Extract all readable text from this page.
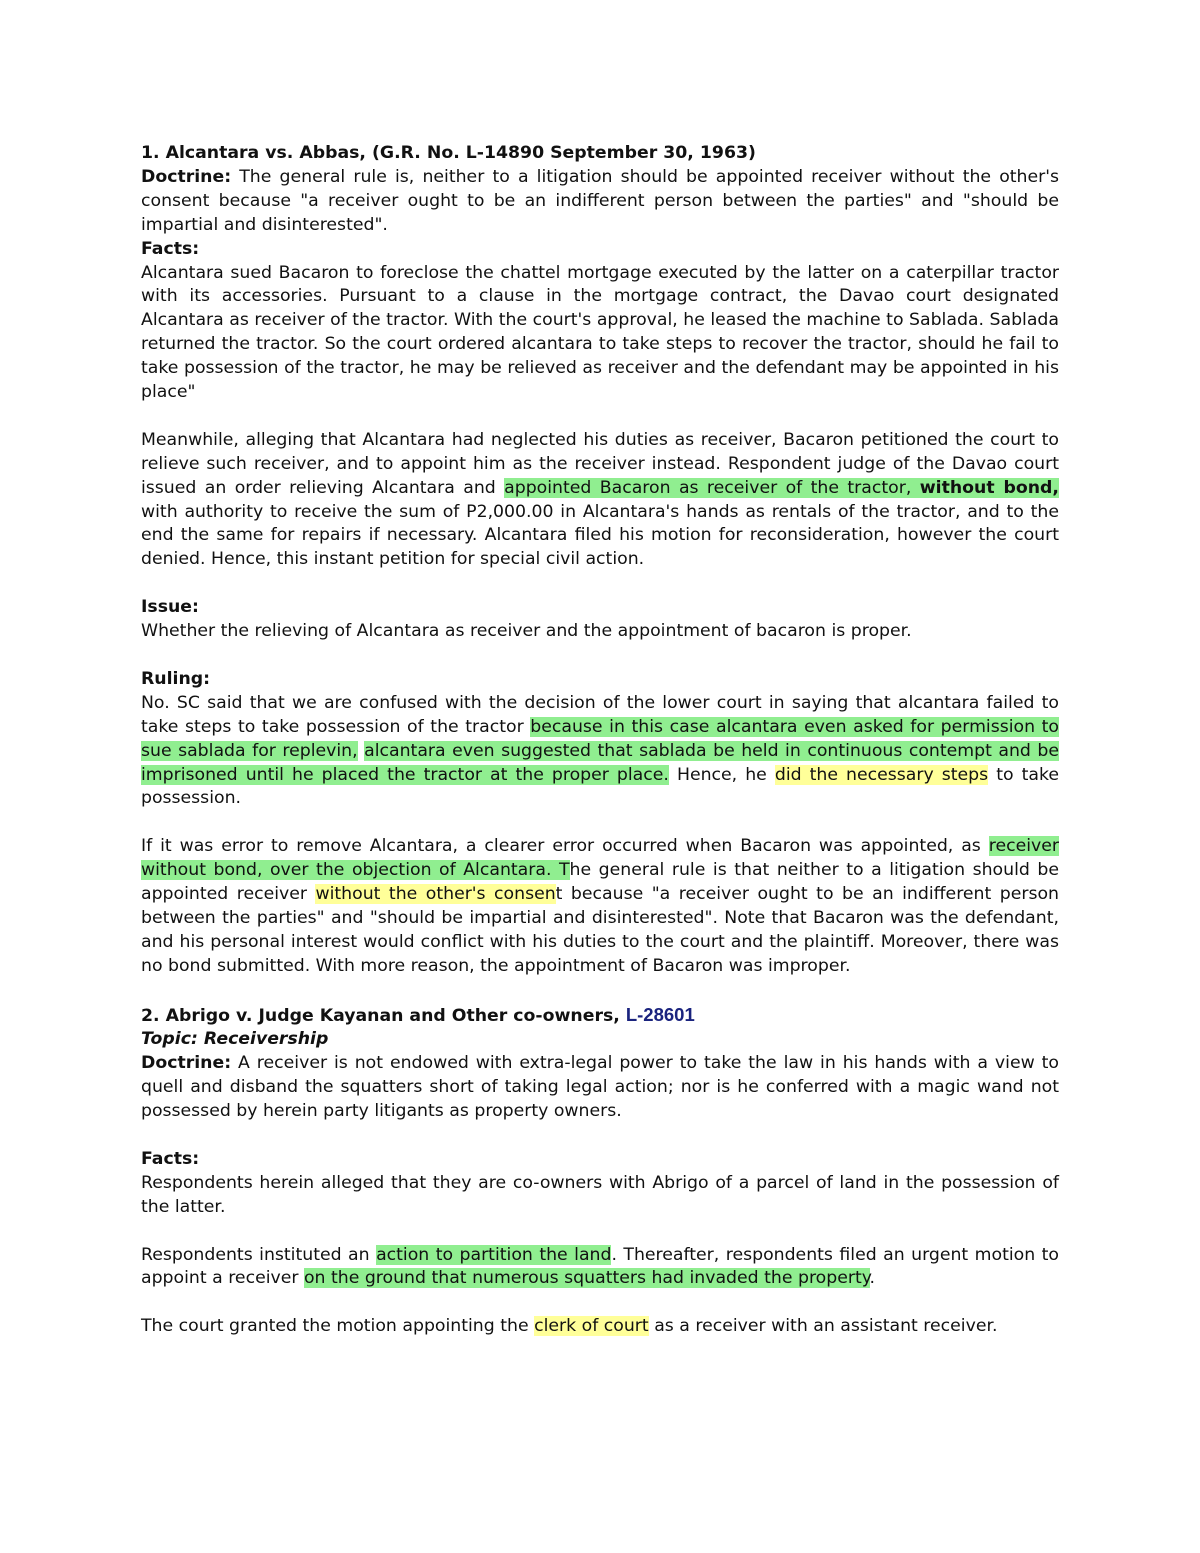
1. Alcantara vs. Abbas, (G.R. No. L-14890 September 30, 1963)

Doctrine: The general rule is, neither to a litigation should be appointed receiver without the other's consent because "a receiver ought to be an indifferent person between the parties" and "should be impartial and disinterested".

Facts:

Alcantara sued Bacaron to foreclose the chattel mortgage executed by the latter on a caterpillar tractor with its accessories. Pursuant to a clause in the mortgage contract, the Davao court designated Alcantara as receiver of the tractor. With the court's approval, he leased the machine to Sablada. Sablada returned the tractor. So the court ordered alcantara to take steps to recover the tractor, should he fail to take possession of the tractor, he may be relieved as receiver and the defendant may be appointed in his place"

Meanwhile, alleging that Alcantara had neglected his duties as receiver, Bacaron petitioned the court to relieve such receiver, and to appoint him as the receiver instead. Respondent judge of the Davao court issued an order relieving Alcantara and appointed Bacaron as receiver of the tractor, without bond, with authority to receive the sum of P2,000.00 in Alcantara's hands as rentals of the tractor, and to the end the same for repairs if necessary. Alcantara filed his motion for reconsideration, however the court denied. Hence, this instant petition for special civil action.

Issue:

Whether the relieving of Alcantara as receiver and the appointment of bacaron is proper.

Ruling:

No. SC said that we are confused with the decision of the lower court in saying that alcantara failed to take steps to take possession of the tractor because in this case alcantara even asked for permission to sue sablada for replevin, alcantara even suggested that sablada be held in continuous contempt and be imprisoned until he placed the tractor at the proper place. Hence, he did the necessary steps to take possession.

If it was error to remove Alcantara, a clearer error occurred when Bacaron was appointed, as receiver without bond, over the objection of Alcantara. The general rule is that neither to a litigation should be appointed receiver without the other's consent because "a receiver ought to be an indifferent person between the parties" and "should be impartial and disinterested". Note that Bacaron was the defendant, and his personal interest would conflict with his duties to the court and the plaintiff. Moreover, there was no bond submitted. With more reason, the appointment of Bacaron was improper.

2. Abrigo v. Judge Kayanan and Other co-owners, L-28601

Topic: Receivership

Doctrine: A receiver is not endowed with extra-legal power to take the law in his hands with a view to quell and disband the squatters short of taking legal action; nor is he conferred with a magic wand not possessed by herein party litigants as property owners.

Facts:

Respondents herein alleged that they are co-owners with Abrigo of a parcel of land in the possession of the latter.

Respondents instituted an action to partition the land. Thereafter, respondents filed an urgent motion to appoint a receiver on the ground that numerous squatters had invaded the property.

The court granted the motion appointing the clerk of court as a receiver with an assistant receiver.
